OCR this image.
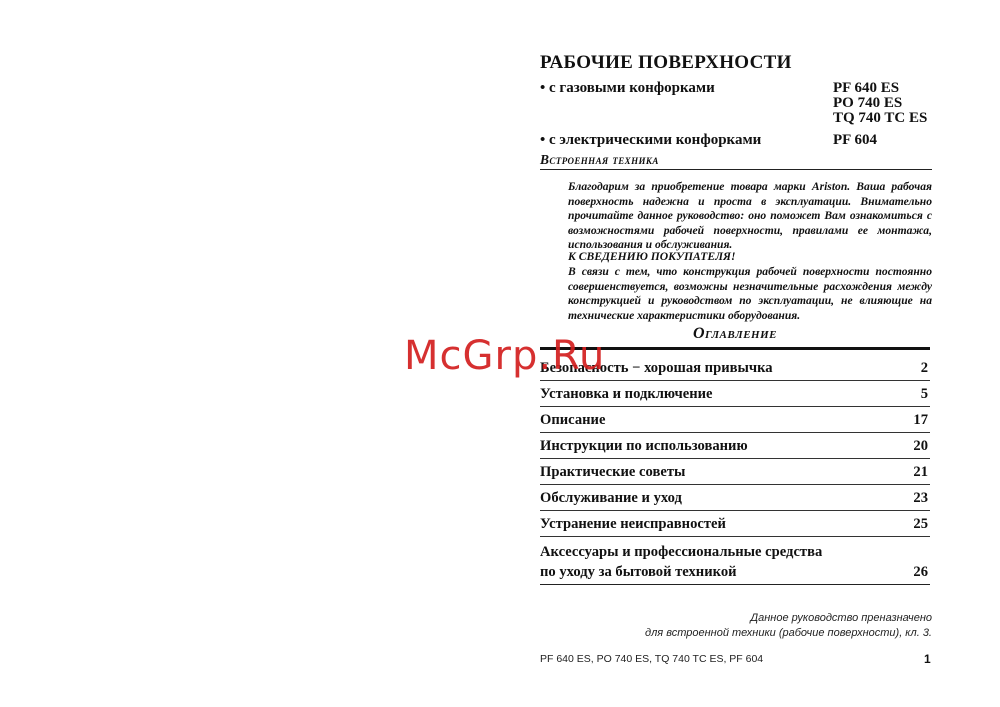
РАБОЧИЕ ПОВЕРХНОСТИ
• с газовыми конфорками	PF 640 ES
PO 740 ES
TQ 740 TC ES
• с электрическими конфорками	PF 604
Встроенная техника
Благодарим за приобретение товара марки Ariston. Ваша рабочая поверхность надежна и проста в эксплуатации. Внимательно прочитайте данное руководство: оно поможет Вам ознакомиться с возможностями рабочей поверхности, правилами ее монтажа, использования и обслуживания.
К СВЕДЕНИЮ ПОКУПАТЕЛЯ!
В связи с тем, что конструкция рабочей поверхности постоянно совершенствуется, возможны незначительные расхождения между конструкцией и руководством по эксплуатации, не влияющие на технические характеристики оборудования.
Оглавление
Безопасность − хорошая привычка	2
Установка и подключение	5
Описание	17
Инструкции по использованию	20
Практические советы	21
Обслуживание и уход	23
Устранение неисправностей	25
Аксессуары и профессиональные средства
по уходу за бытовой техникой	26
Данное руководство преназначено
для встроенной техники (рабочие поверхности), кл. 3.
PF 640 ES, PO 740 ES, TQ 740 TC ES, PF 604	1
McGrp.Ru
